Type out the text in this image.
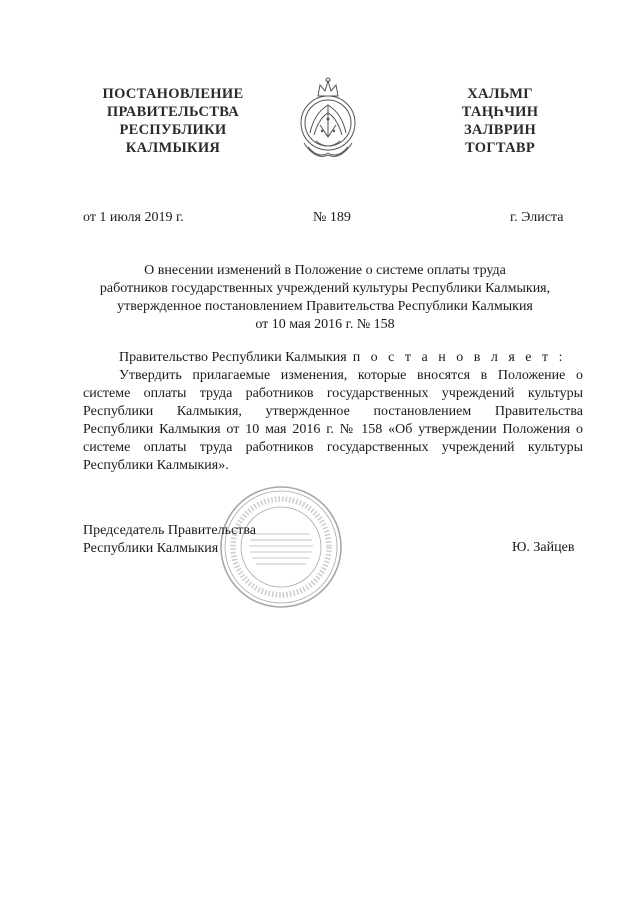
ПОСТАНОВЛЕНИЕ
ПРАВИТЕЛЬСТВА
РЕСПУБЛИКИ
КАЛМЫКИЯ
ХАЛЬМГ
ТАҢҺЧИН
ЗАЛВРИН
ТОГТАВР
от 1 июля 2019 г.	№ 189	г. Элиста
О внесении изменений в Положение о системе оплаты труда
работников государственных учреждений культуры Республики Калмыкия,
утвержденное постановлением Правительства Республики Калмыкия
от 10 мая 2016 г. № 158
Правительство Республики Калмыкия п о с т а н о в л я е т :
Утвердить прилагаемые изменения, которые вносятся в Положение о
системе оплаты труда работников государственных учреждений культуры
Республики Калмыкия, утвержденное постановлением Правительства
Республики Калмыкия от 10 мая 2016 г. № 158 «Об утверждении Положения о
системе оплаты труда работников государственных учреждений культуры
Республики Калмыкия».
Председатель Правительства
Республики Калмыкия	Ю. Зайцев
